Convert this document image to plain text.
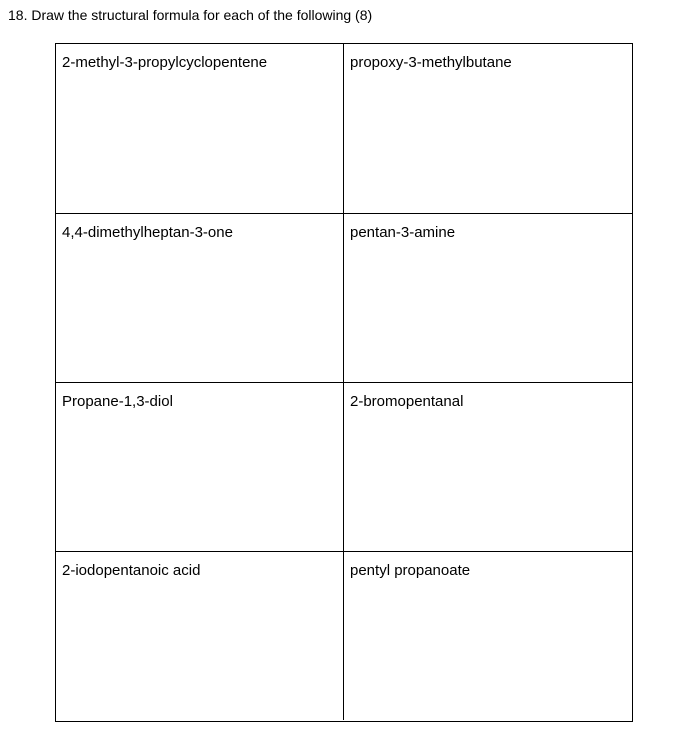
18. Draw the structural formula for each of the following (8)
2-methyl-3-propylcyclopentene	propoxy-3-methylbutane
4,4-dimethylheptan-3-one	pentan-3-amine
Propane-1,3-diol	2-bromopentanal
2-iodopentanoic acid	pentyl propanoate
